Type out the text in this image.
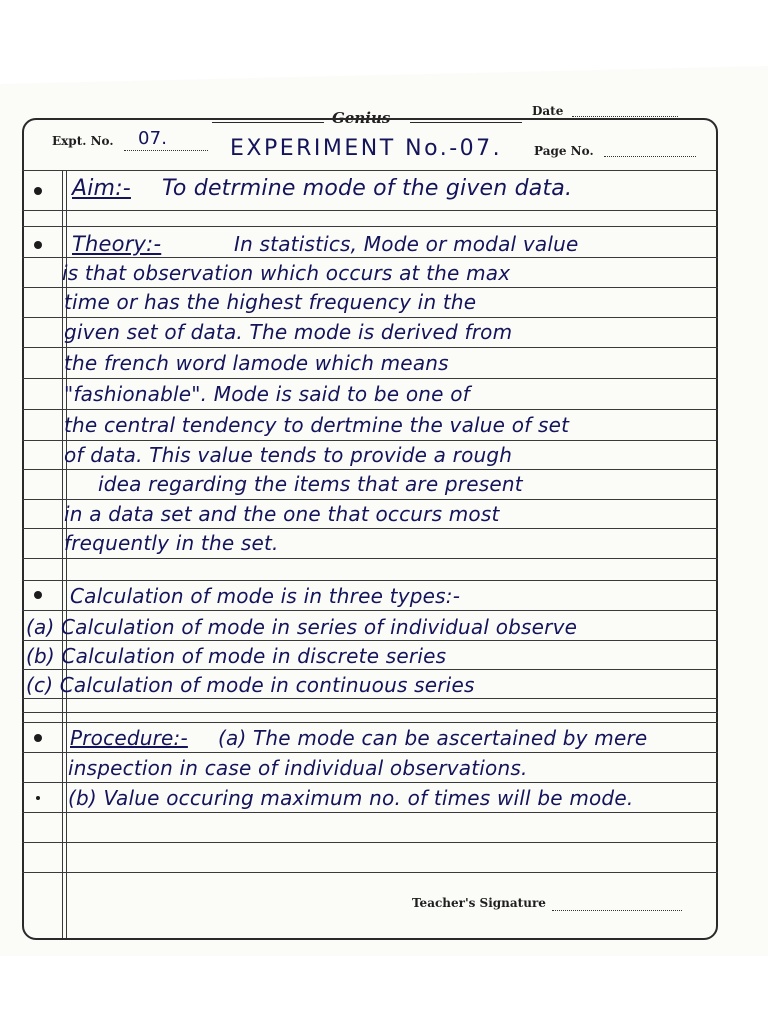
Genius	Date
Expt. No. 07.	EXPERIMENT No.-07.	Page No.
Aim:- To detrmine mode of the given data.
Theory:-	In statistics, Mode or modal value
is that observation which occurs at the max
time or has the highest frequency in the
given set of data. The mode is derived from
the french word lamode which means
"fashionable". Mode is said to be one of
the central tendency to dertmine the value of set
of data. This value tends to provide a rough
idea regarding the items that are present
in a data set and the one that occurs most
frequently in the set.
Calculation of mode is in three types:-
(a) Calculation of mode in series of individual observe
(b) Calculation of mode in discrete series
(c) Calculation of mode in continuous series
Procedure:- (a) The mode can be ascertained by mere
inspection in case of individual observations.
(b) Value occuring maximum no. of times will be mode.
Teacher's Signature
